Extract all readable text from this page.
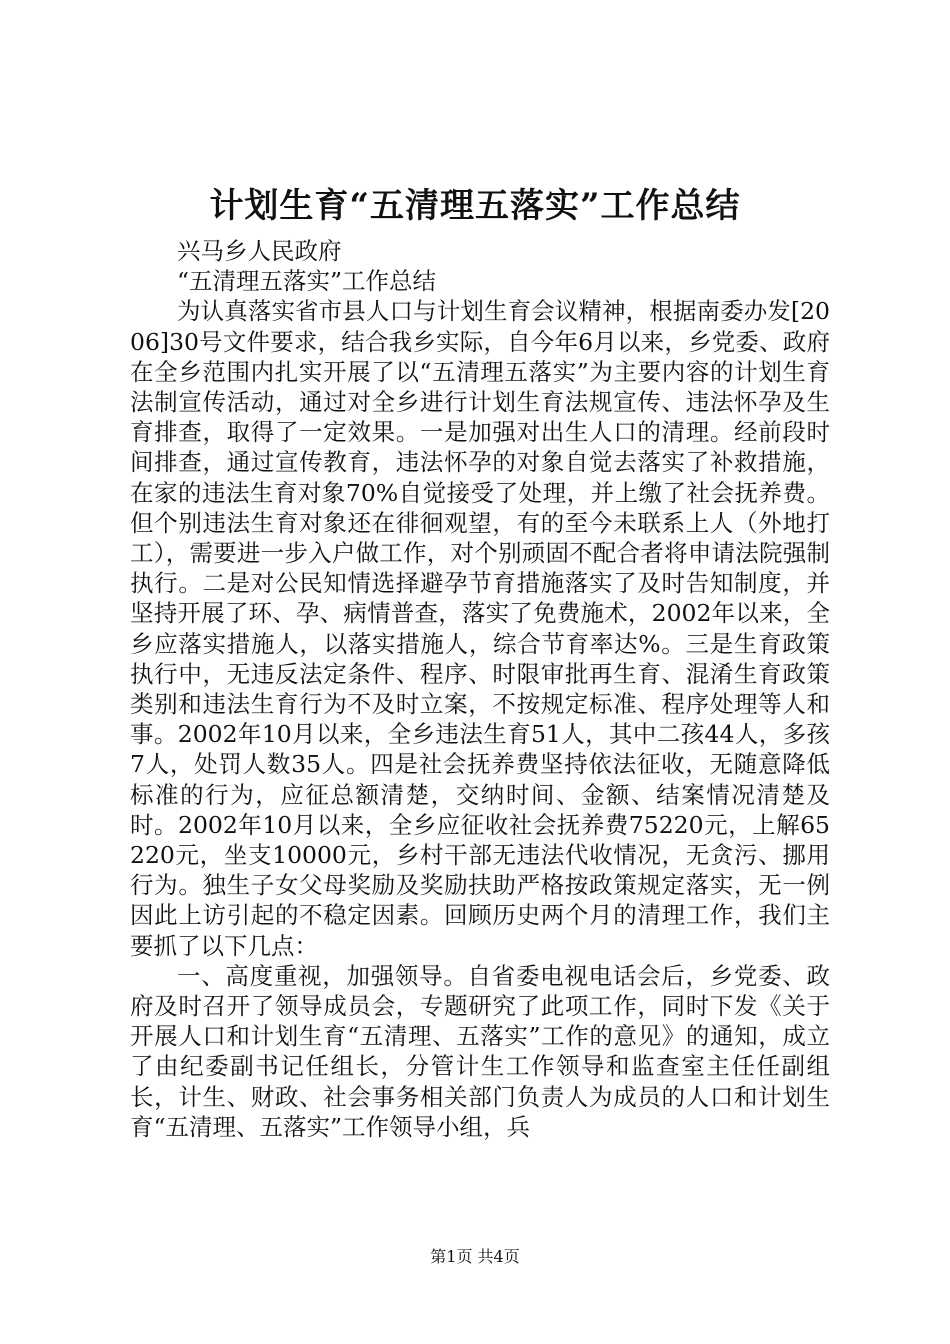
计划生育“五清理五落实”工作总结

兴马乡人民政府

“五清理五落实”工作总结

为认真落实省市县人口与计划生育会议精神，根据南委办发[2006]30号文件要求，结合我乡实际，自今年6月以来，乡党委、政府在全乡范围内扎实开展了以“五清理五落实”为主要内容的计划生育法制宣传活动，通过对全乡进行计划生育法规宣传、违法怀孕及生育排查，取得了一定效果。一是加强对出生人口的清理。经前段时间排查，通过宣传教育，违法怀孕的对象自觉去落实了补救措施，在家的违法生育对象70%自觉接受了处理，并上缴了社会抚养费。但个别违法生育对象还在徘徊观望，有的至今未联系上人（外地打工），需要进一步入户做工作，对个别顽固不配合者将申请法院强制执行。二是对公民知情选择避孕节育措施落实了及时告知制度，并坚持开展了环、孕、病情普查，落实了免费施术，2002年以来，全乡应落实措施人，以落实措施人，综合节育率达%。三是生育政策执行中，无违反法定条件、程序、时限审批再生育、混淆生育政策类别和违法生育行为不及时立案，不按规定标准、程序处理等人和事。2002年10月以来，全乡违法生育51人，其中二孩44人，多孩7人，处罚人数35人。四是社会抚养费坚持依法征收，无随意降低标准的行为，应征总额清楚，交纳时间、金额、结案情况清楚及时。2002年10月以来，全乡应征收社会抚养费75220元，上解65220元，坐支10000元，乡村干部无违法代收情况，无贪污、挪用行为。独生子女父母奖励及奖励扶助严格按政策规定落实，无一例因此上访引起的不稳定因素。回顾历史两个月的清理工作，我们主要抓了以下几点：

一、高度重视，加强领导。自省委电视电话会后，乡党委、政府及时召开了领导成员会，专题研究了此项工作，同时下发《关于开展人口和计划生育“五清理、五落实”工作的意见》的通知，成立了由纪委副书记任组长，分管计生工作领导和监查室主任任副组长，计生、财政、社会事务相关部门负责人为成员的人口和计划生育“五清理、五落实”工作领导小组，兵

第1页 共4页
